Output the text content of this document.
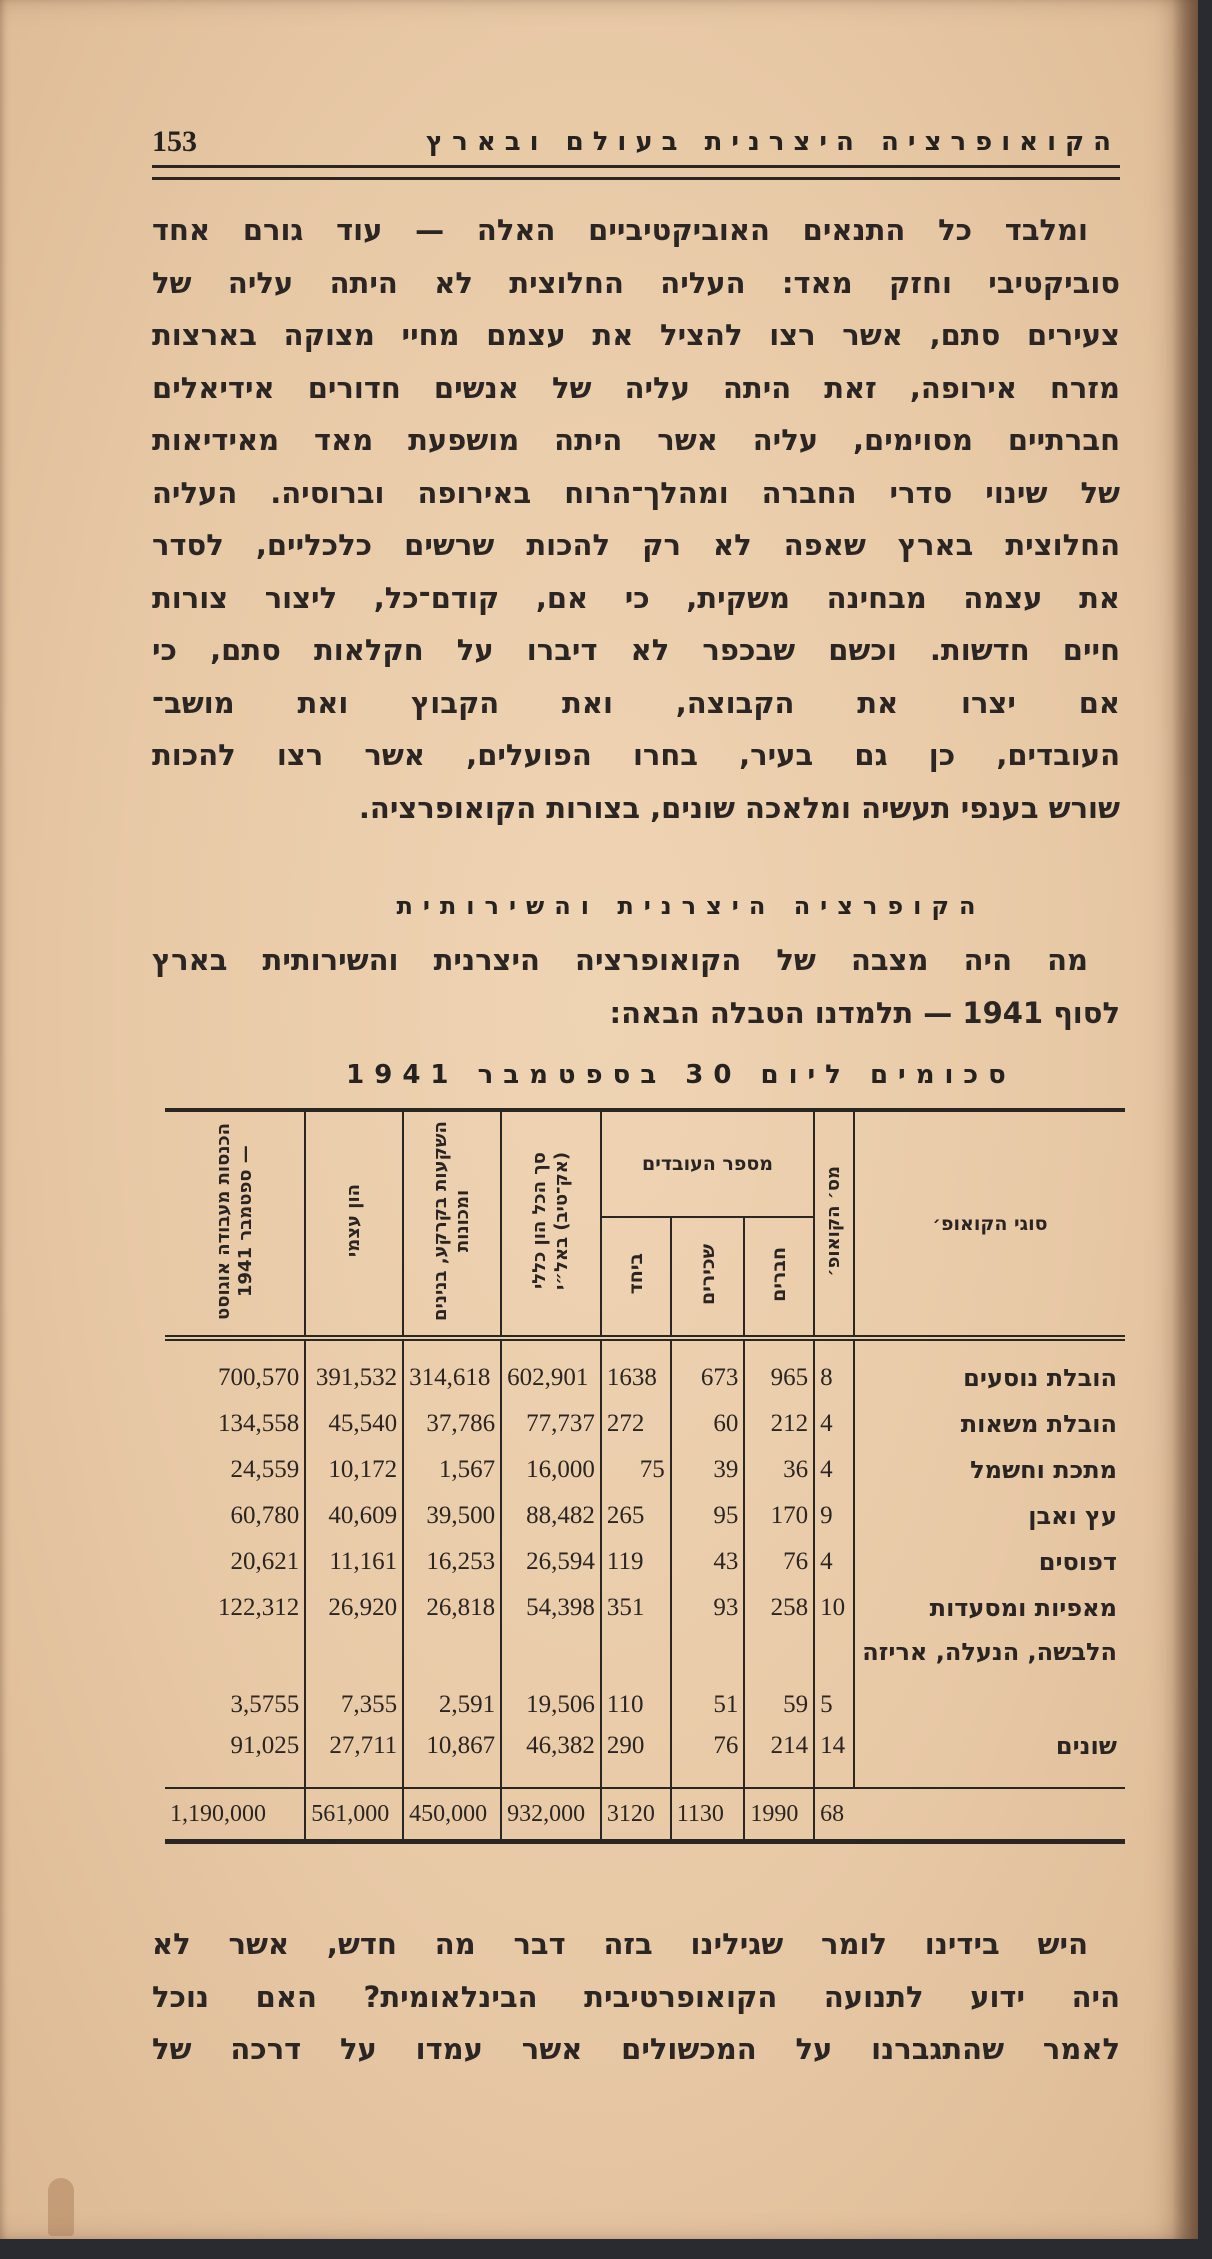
הקואופרציה היצרנית בעולם ובארץ
153
ומלבד כל התנאים האוביקטיביים האלה — עוד גורם אחד
סוביקטיבי וחזק מאד: העליה החלוצית לא היתה עליה של
צעירים סתם, אשר רצו להציל את עצמם מחיי מצוקה בארצות
מזרח אירופה, זאת היתה עליה של אנשים חדורים אידיאלים
חברתיים מסוימים, עליה אשר היתה מושפעת מאד מאידיאות
של שינוי סדרי החברה ומהלך־הרוח באירופה וברוסיה. העליה
החלוצית בארץ שאפה לא רק להכות שרשים כלכליים, לסדר
את עצמה מבחינה משקית, כי אם, קודם־כל, ליצור צורות
חיים חדשות. וכשם שבכפר לא דיברו על חקלאות סתם, כי
אם יצרו את הקבוצה, ואת הקבוץ ואת מושב־
העובדים, כן גם בעיר, בחרו הפועלים, אשר רצו להכות
שורש בענפי תעשיה ומלאכה שונים, בצורות הקואופרציה.
הקופרציה היצרנית והשירותית
מה היה מצבה של הקואופרציה היצרנית והשירותית בארץ
לסוף 1941 — תלמדנו הטבלה הבאה:
סכומים ליום 30 בספטמבר 1941
סוגי הקואופ׳	מס׳ הקואופ׳	מספר העובדים			סך הכל הון כללי (אק־טיב) באל״י	השקעות בקרקע, בנינים ומכונות	הון עצמי	הכנסות מעבודה אוגוסט — ספטמבר 1941
		חברים	שכירים	ביחד				
הובלת נוסעים	8	965	673	1638	602,901	314,618	391,532	700,570
הובלת משאות	4	212	60	272	77,737	37,786	45,540	134,558
מתכת וחשמל	4	36	39	75	16,000	1,567	10,172	24,559
עץ ואבן	9	170	95	265	88,482	39,500	40,609	60,780
דפוסים	4	76	43	119	26,594	16,253	11,161	20,621
מאפיות ומסעדות	10	258	93	351	54,398	26,818	26,920	122,312
הלבשה, הנעלה, אריזה	5	59	51	110	19,506	2,591	7,355	3,5755
שונים	14	214	76	290	46,382	10,867	27,711	91,025
	68	1990	1130	3120	932,000	450,000	561,000	1,190,000
היש בידינו לומר שגילינו בזה דבר מה חדש, אשר לא
היה ידוע לתנועה הקואופרטיבית הבינלאומית? האם נוכל
לאמר שהתגברנו על המכשולים אשר עמדו על דרכה של
